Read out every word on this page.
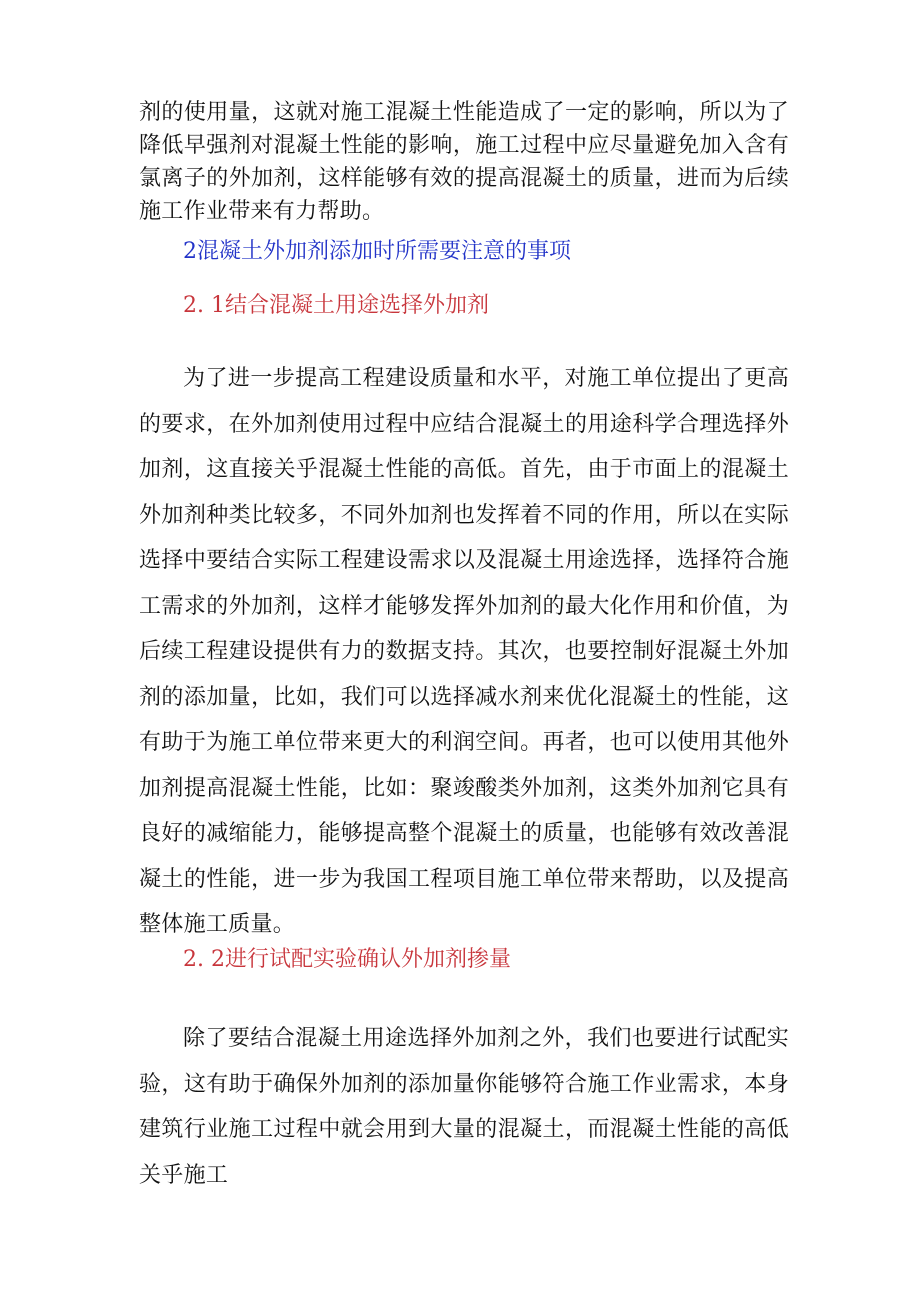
剂的使用量，这就对施工混凝土性能造成了一定的影响，所以为了降低早强剂对混凝土性能的影响，施工过程中应尽量避免加入含有氯离子的外加剂，这样能够有效的提高混凝土的质量，进而为后续施工作业带来有力帮助。

2混凝土外加剂添加时所需要注意的事项
2. 1结合混凝土用途选择外加剂

为了进一步提高工程建设质量和水平，对施工单位提出了更高的要求，在外加剂使用过程中应结合混凝土的用途科学合理选择外加剂，这直接关乎混凝土性能的高低。首先，由于市面上的混凝土外加剂种类比较多，不同外加剂也发挥着不同的作用，所以在实际选择中要结合实际工程建设需求以及混凝土用途选择，选择符合施工需求的外加剂，这样才能够发挥外加剂的最大化作用和价值，为后续工程建设提供有力的数据支持。其次，也要控制好混凝土外加剂的添加量，比如，我们可以选择减水剂来优化混凝土的性能，这有助于为施工单位带来更大的利润空间。再者，也可以使用其他外加剂提高混凝土性能，比如：聚竣酸类外加剂，这类外加剂它具有良好的减缩能力，能够提高整个混凝土的质量，也能够有效改善混凝土的性能，进一步为我国工程项目施工单位带来帮助，以及提高整体施工质量。

2. 2进行试配实验确认外加剂掺量

除了要结合混凝土用途选择外加剂之外，我们也要进行试配实验，这有助于确保外加剂的添加量你能够符合施工作业需求，本身建筑行业施工过程中就会用到大量的混凝土，而混凝土性能的高低关乎施工
